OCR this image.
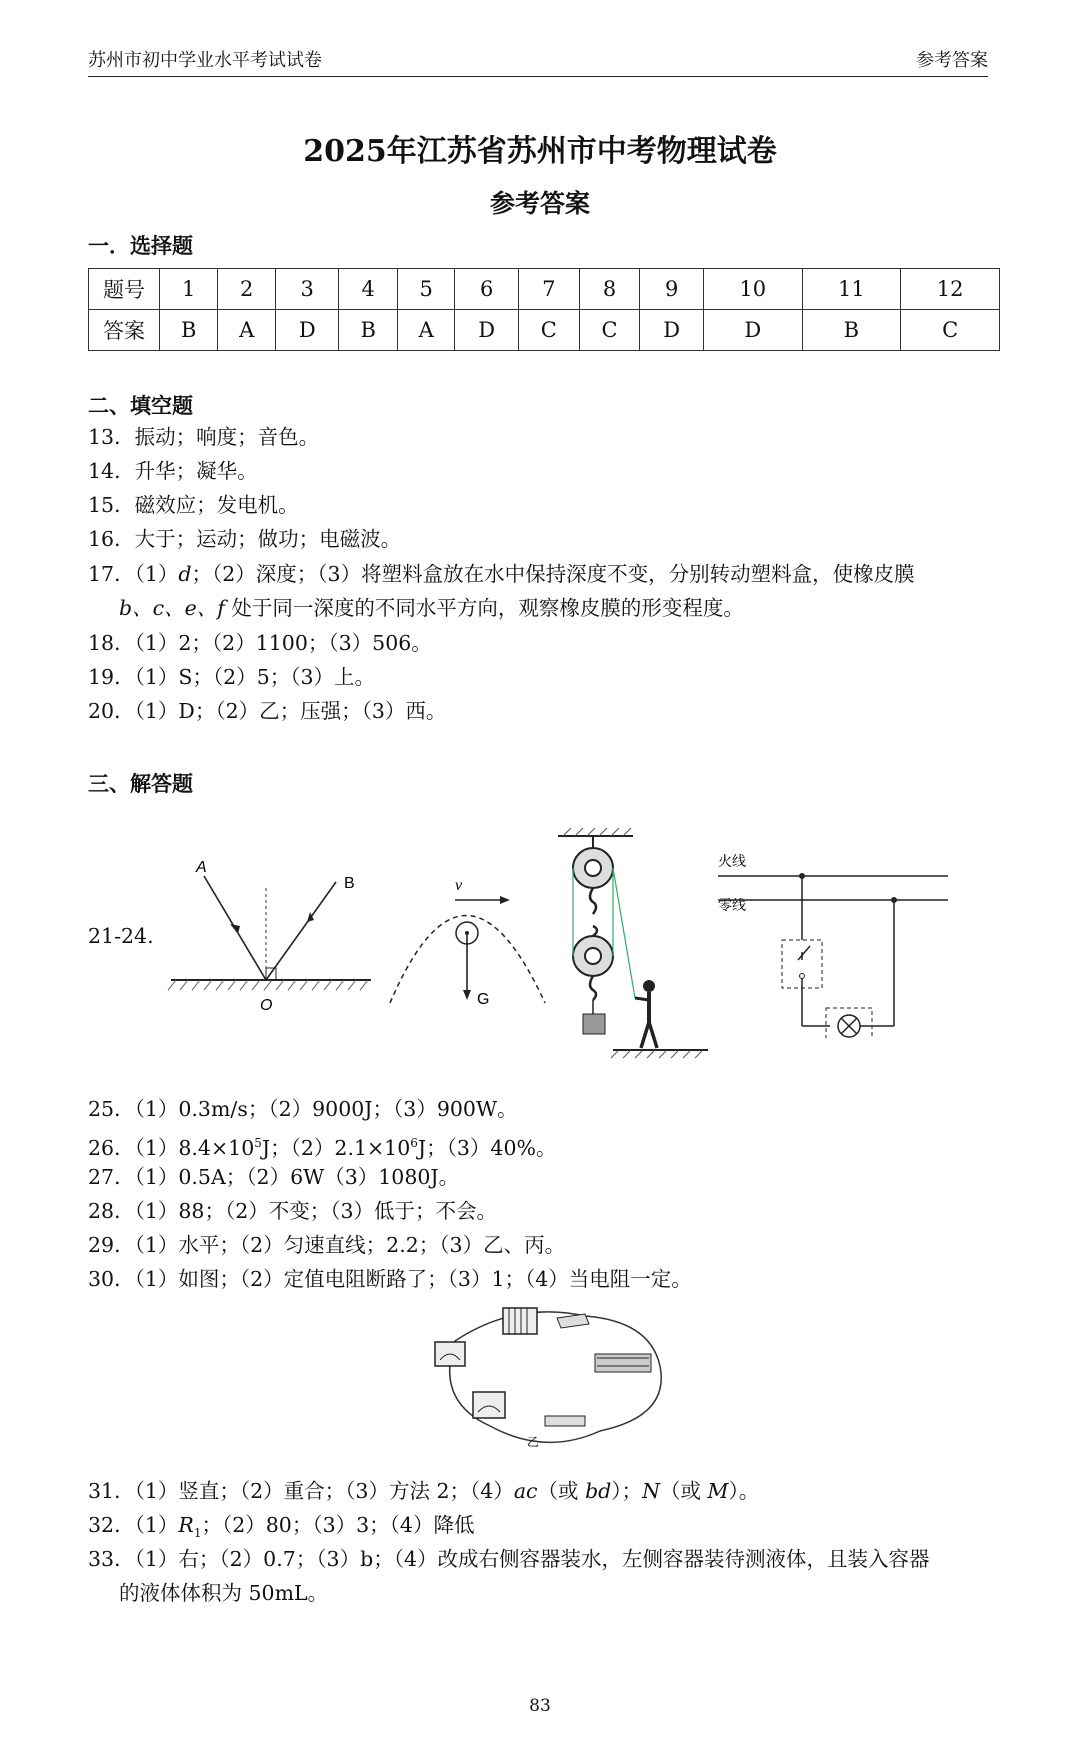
苏州市初中学业水平考试试卷	参考答案
2025年江苏省苏州市中考物理试卷
参考答案
一．选择题
题号	1	2	3	4	5	6	7	8	9	10	11	12
答案	B	A	D	B	A	D	C	C	D	D	B	C
二、填空题
13．振动；响度；音色。
14．升华；凝华。
15．磁效应；发电机。
16．大于；运动；做功；电磁波。
17．（1）d；（2）深度；（3）将塑料盒放在水中保持深度不变，分别转动塑料盒，使橡皮膜
b、c、e、f 处于同一深度的不同水平方向，观察橡皮膜的形变程度。
18．（1）2；（2）1100；（3）506。
19．（1）S；（2）5；（3）上。
20．（1）D；（2）乙；压强；（3）西。
三、解答题
21-24.
A
B
O
v
G
火线
零线
25．（1）0.3m/s；（2）9000J；（3）900W。
26．$(1)8.4\times 10^5J$；$(2)2.1\times 10^6J$；（3）40%。
27．（1）0.5A；（2）6W（3）1080J。
28．（1）88；（2）不变；（3）低于；不会。
29．（1）水平；（2）匀速直线；2.2；（3）乙、丙。
30．（1）如图；（2）定值电阻断路了；（3）1；（4）当电阻一定。
乙
31．（1）竖直；（2）重合；（3）方法 2；（4）ac（或 bd）；N（或 M）。
32．$(1)R_1$；（2）80；（3）3；（4）降低
33．（1）右；（2）0.7；（3）b；（4）改成右侧容器装水，左侧容器装待测液体，且装入容器
的液体体积为 50mL。
83
